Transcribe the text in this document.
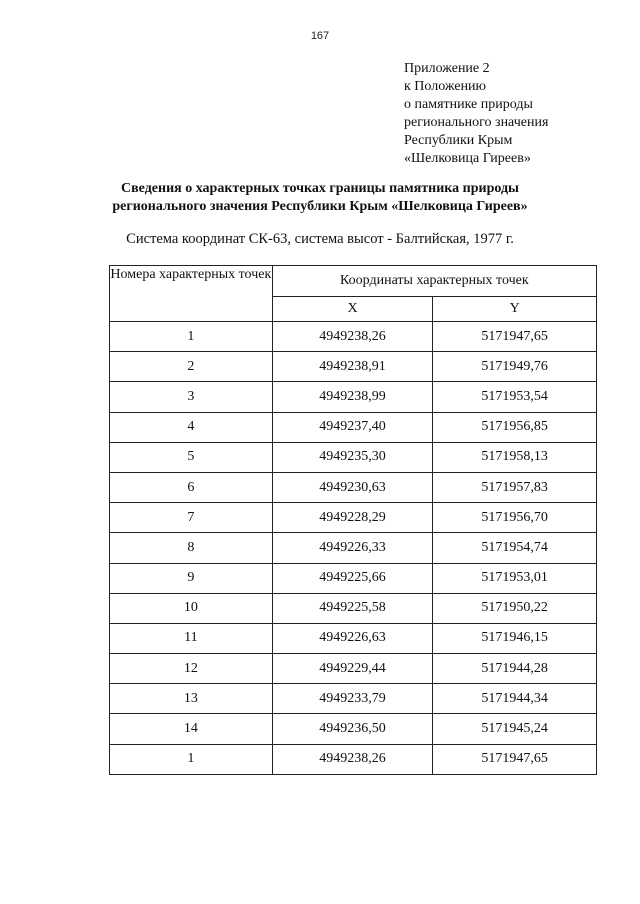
167
Приложение 2
к Положению
о памятнике природы
регионального значения
Республики Крым
«Шелковица Гиреев»
Сведения о характерных точках границы памятника природы
регионального значения Республики Крым «Шелковица Гиреев»
Система координат СК-63, система высот - Балтийская, 1977 г.
Номера характерных точек	Координаты характерных точек	
	X	Y
1	4949238,26	5171947,65
2	4949238,91	5171949,76
3	4949238,99	5171953,54
4	4949237,40	5171956,85
5	4949235,30	5171958,13
6	4949230,63	5171957,83
7	4949228,29	5171956,70
8	4949226,33	5171954,74
9	4949225,66	5171953,01
10	4949225,58	5171950,22
11	4949226,63	5171946,15
12	4949229,44	5171944,28
13	4949233,79	5171944,34
14	4949236,50	5171945,24
1	4949238,26	5171947,65
